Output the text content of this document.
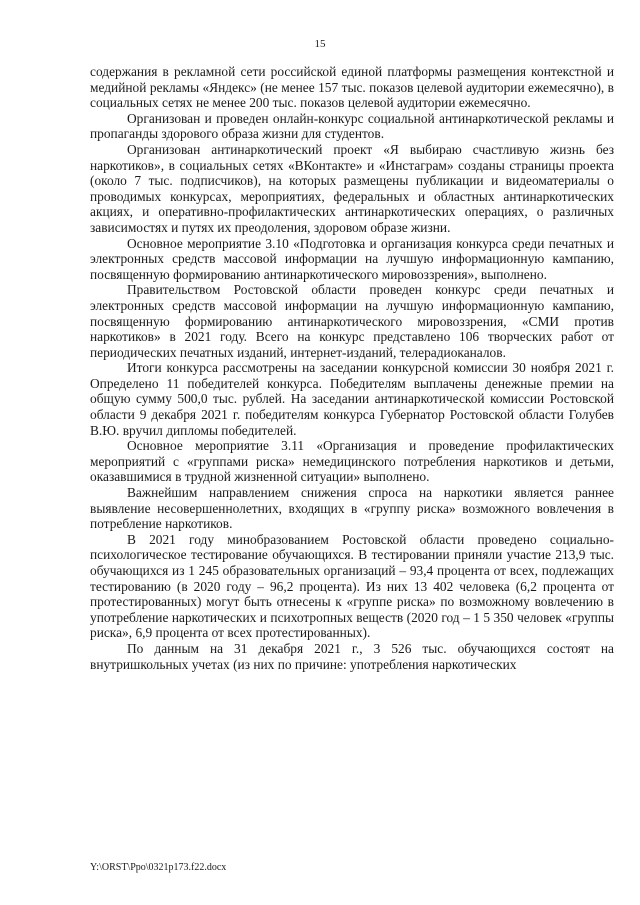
15

содержания в рекламной сети российской единой платформы размещения контекстной и медийной рекламы «Яндекс» (не менее 157 тыс. показов целевой аудитории ежемесячно), в социальных сетях не менее 200 тыс. показов целевой аудитории ежемесячно.

Организован и проведен онлайн-конкурс социальной антинаркотической рекламы и пропаганды здорового образа жизни для студентов.

Организован антинаркотический проект «Я выбираю счастливую жизнь без наркотиков», в социальных сетях «ВКонтакте» и «Инстаграм» созданы страницы проекта (около 7 тыс. подписчиков), на которых размещены публикации и видеоматериалы о проводимых конкурсах, мероприятиях, федеральных и областных антинаркотических акциях, и оперативно-профилактических антинаркотических операциях, о различных зависимостях и путях их преодоления, здоровом образе жизни.

Основное мероприятие 3.10 «Подготовка и организация конкурса среди печатных и электронных средств массовой информации на лучшую информационную кампанию, посвященную формированию антинаркотического мировоззрения», выполнено.

Правительством Ростовской области проведен конкурс среди печатных и электронных средств массовой информации на лучшую информационную кампанию, посвященную формированию антинаркотического мировоззрения, «СМИ против наркотиков» в 2021 году. Всего на конкурс представлено 106 творческих работ от периодических печатных изданий, интернет-изданий, телерадиоканалов.

Итоги конкурса рассмотрены на заседании конкурсной комиссии 30 ноября 2021 г. Определено 11 победителей конкурса. Победителям выплачены денежные премии на общую сумму 500,0 тыс. рублей. На заседании антинаркотической комиссии Ростовской области 9 декабря 2021 г. победителям конкурса Губернатор Ростовской области Голубев В.Ю. вручил дипломы победителей.

Основное мероприятие 3.11 «Организация и проведение профилактических мероприятий с «группами риска» немедицинского потребления наркотиков и детьми, оказавшимися в трудной жизненной ситуации» выполнено.

Важнейшим направлением снижения спроса на наркотики является раннее выявление несовершеннолетних, входящих в «группу риска» возможного вовлечения в потребление наркотиков.

В 2021 году минобразованием Ростовской области проведено социально-психологическое тестирование обучающихся. В тестировании приняли участие 213,9 тыс. обучающихся из 1 245 образовательных организаций – 93,4 процента от всех, подлежащих тестированию (в 2020 году – 96,2 процента). Из них 13 402 человека (6,2 процента от протестированных) могут быть отнесены к «группе риска» по возможному вовлечению в употребление наркотических и психотропных веществ (2020 год – 1 5 350 человек «группы риска», 6,9 процента от всех протестированных).

По данным на 31 декабря 2021 г., 3 526 тыс. обучающихся состоят на внутришкольных учетах (из них по причине: употребления наркотических

Y:\ORST\Ppo\0321p173.f22.docx
